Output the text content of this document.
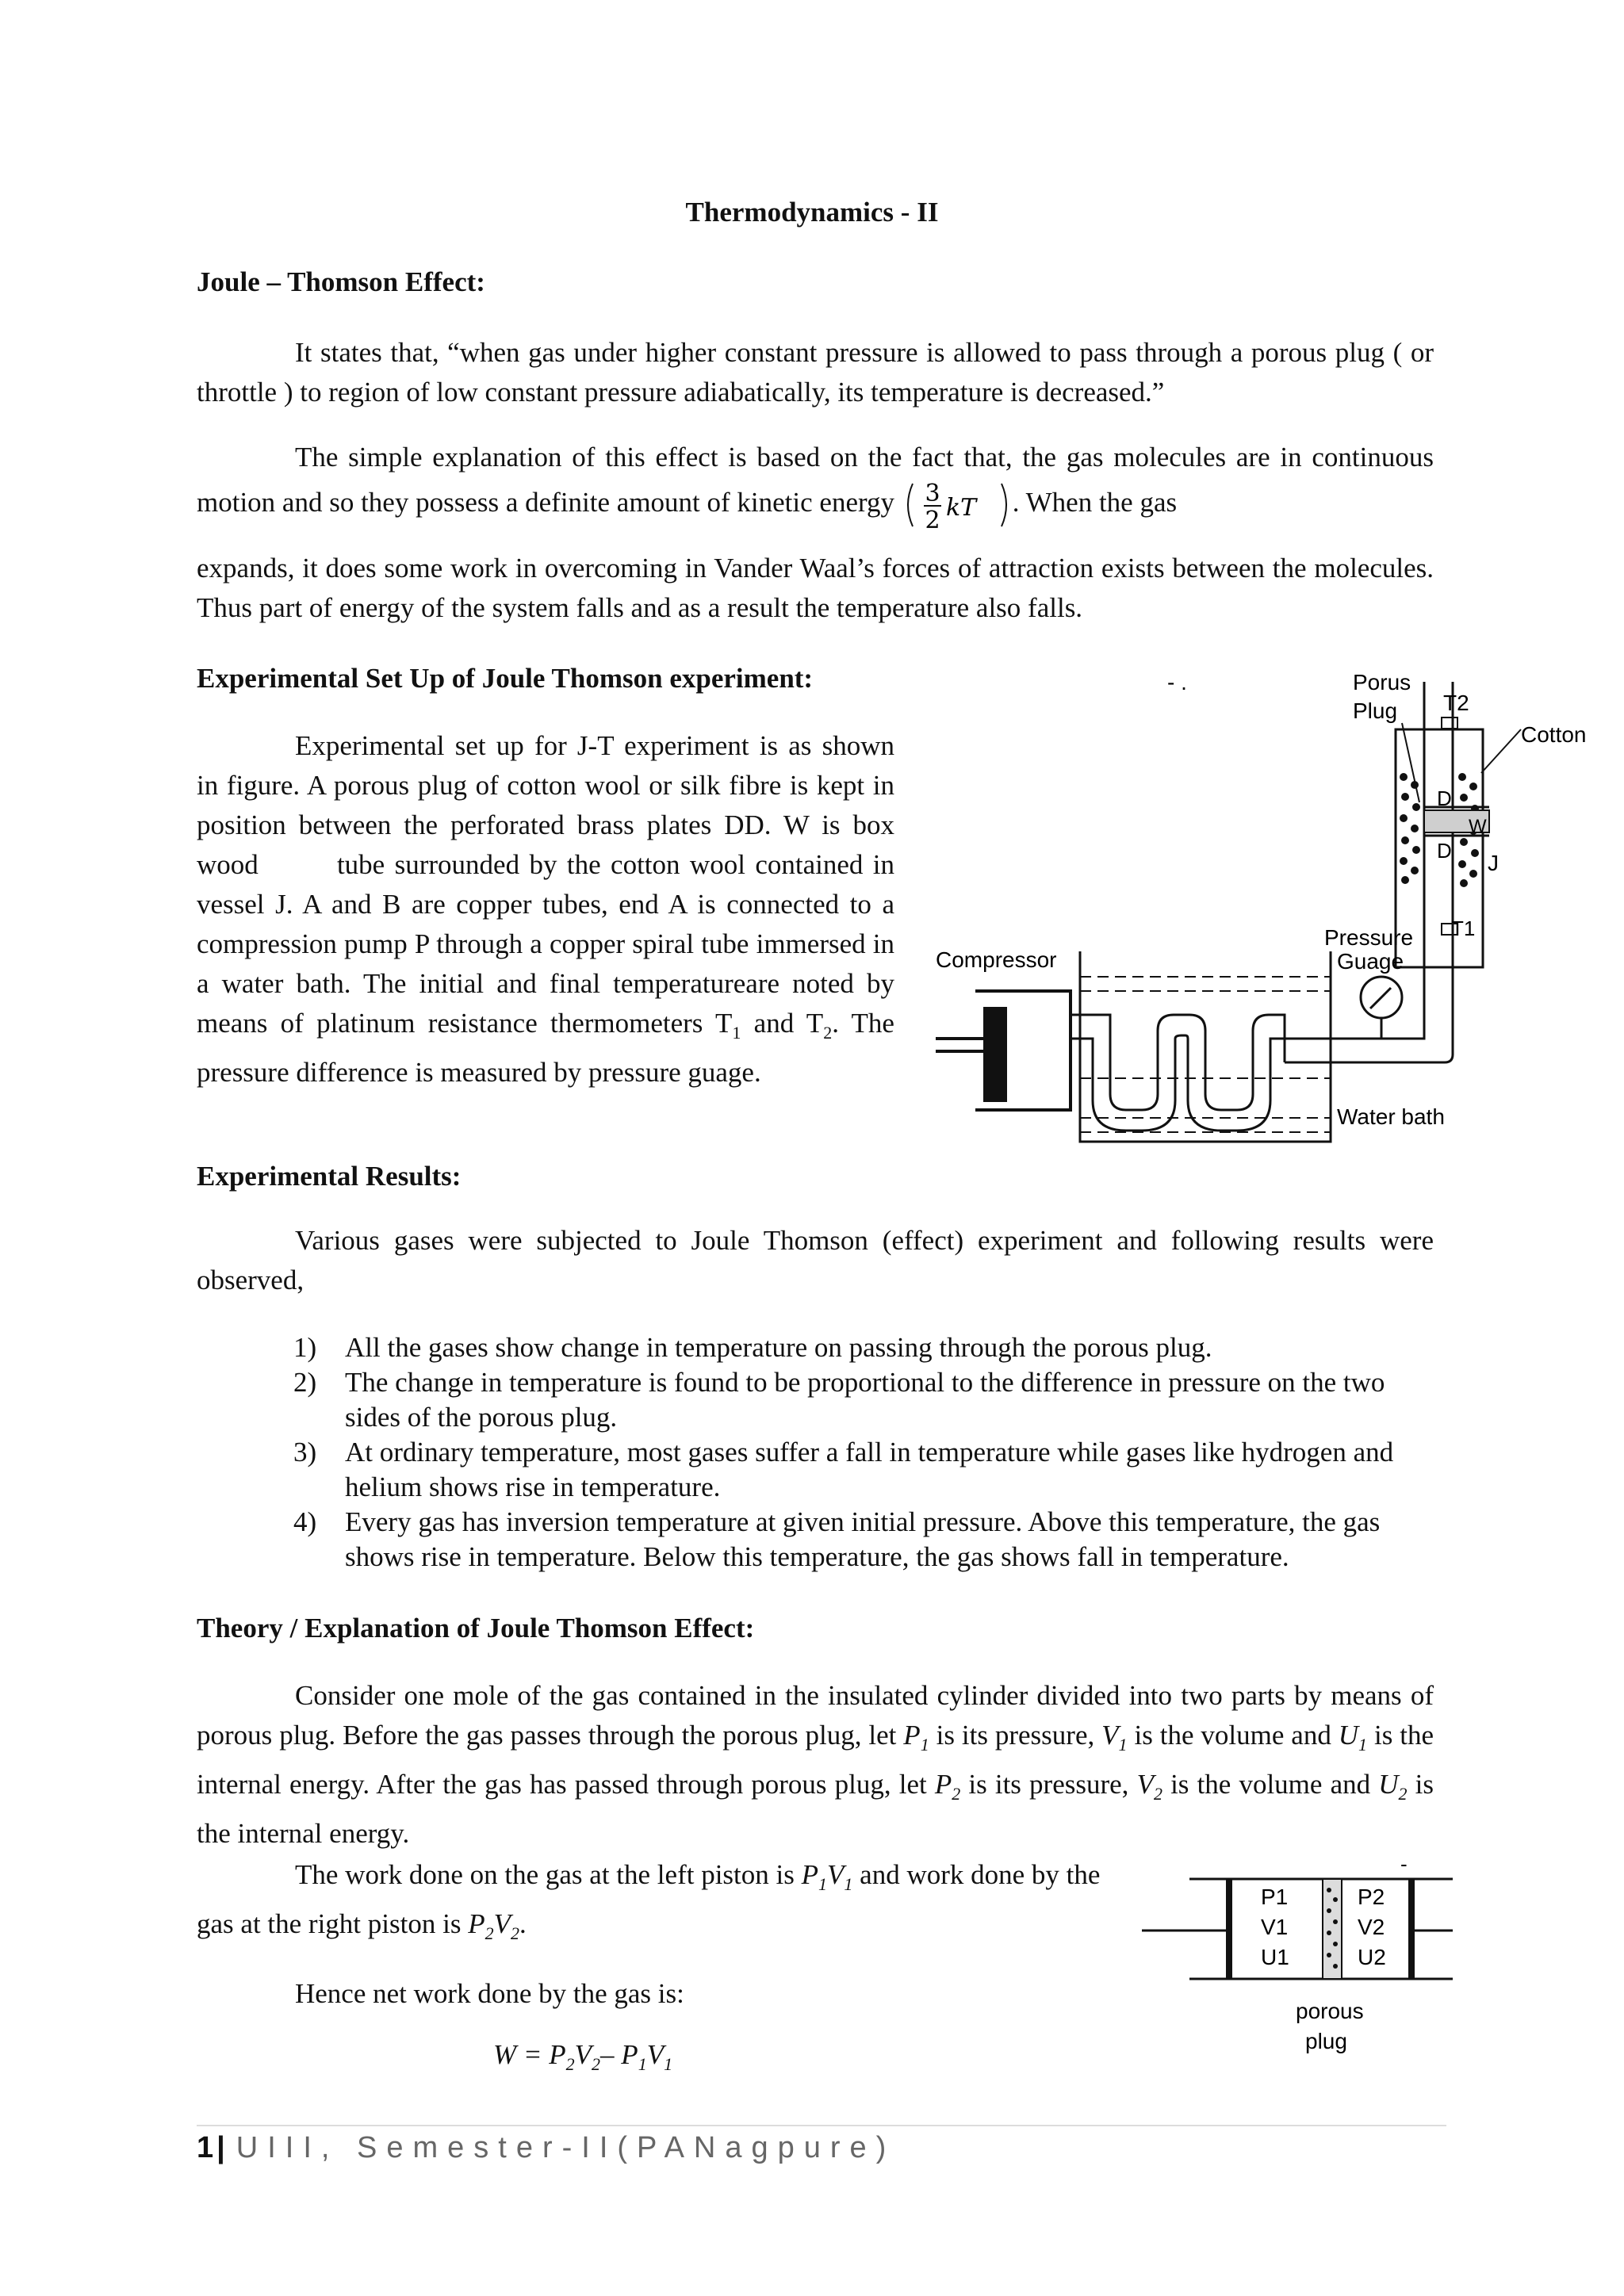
Thermodynamics - II
Joule – Thomson Effect:
It states that, “when gas under higher constant pressure is allowed to pass through a porous plug ( or throttle ) to region of low constant pressure adiabatically, its temperature is decreased.”
The simple explanation of this effect is based on the fact that, the gas molecules are in continuous motion and so they possess a definite amount of kinetic energy 3
2 kT . When the gas
expands, it does some work in overcoming in Vander Waal’s forces of attraction exists between the molecules. Thus part of energy of the system falls and as a result the temperature also falls.
Experimental Set Up of Joule Thomson experiment:
Experimental set up for J-T experiment is as shown in figure. A porous plug of cotton wool or silk fibre is kept in position between the perforated brass plates DD. W is box wood        tube surrounded by the cotton wool contained in vessel J. A and B are copper tubes, end A is connected to a compression pump P through a copper spiral tube immersed in a water bath. The initial and final temperatureare noted by means of platinum resistance thermometers $T_1$ and $T_2$. The pressure difference is measured by pressure guage.
- .	Porus
Plug T2
Cotton
D
D
W
J
T1
Pressure
Guage
Water bath
Compressor
Experimental Results:
Various gases were subjected to Joule Thomson (effect) experiment and following results were observed,
1) All the gases show change in temperature on passing through the porous plug.
2) The change in temperature is found to be proportional to the difference in pressure on the two sides of the porous plug.
3) At ordinary temperature, most gases suffer a fall in temperature while gases like hydrogen and helium shows rise in temperature.
4) Every gas has inversion temperature at given initial pressure. Above this temperature, the gas shows rise in temperature. Below this temperature, the gas shows fall in temperature.
Theory / Explanation of Joule Thomson Effect:
Consider one mole of the gas contained in the insulated cylinder divided into two parts by means of porous plug. Before the gas passes through the porous plug, let $P_1$ is its pressure, $V_1$ is the volume and $U_1$ is the internal energy. After the gas has passed through porous plug, let $P_2$ is its pressure, $V_2$ is the volume and $U_2$ is the internal energy.
The work done on the gas at the left piston is $P_1V_1$ and work done by the gas at the right piston is $P_2V_2$.
Hence net work done by the gas is:
$W = P_2V_2-$ $P_1V_1$
-
P1
V1
U1
P2
V2
U2
porous
plug
1 | UIII, Semester-II(PANagpure)
